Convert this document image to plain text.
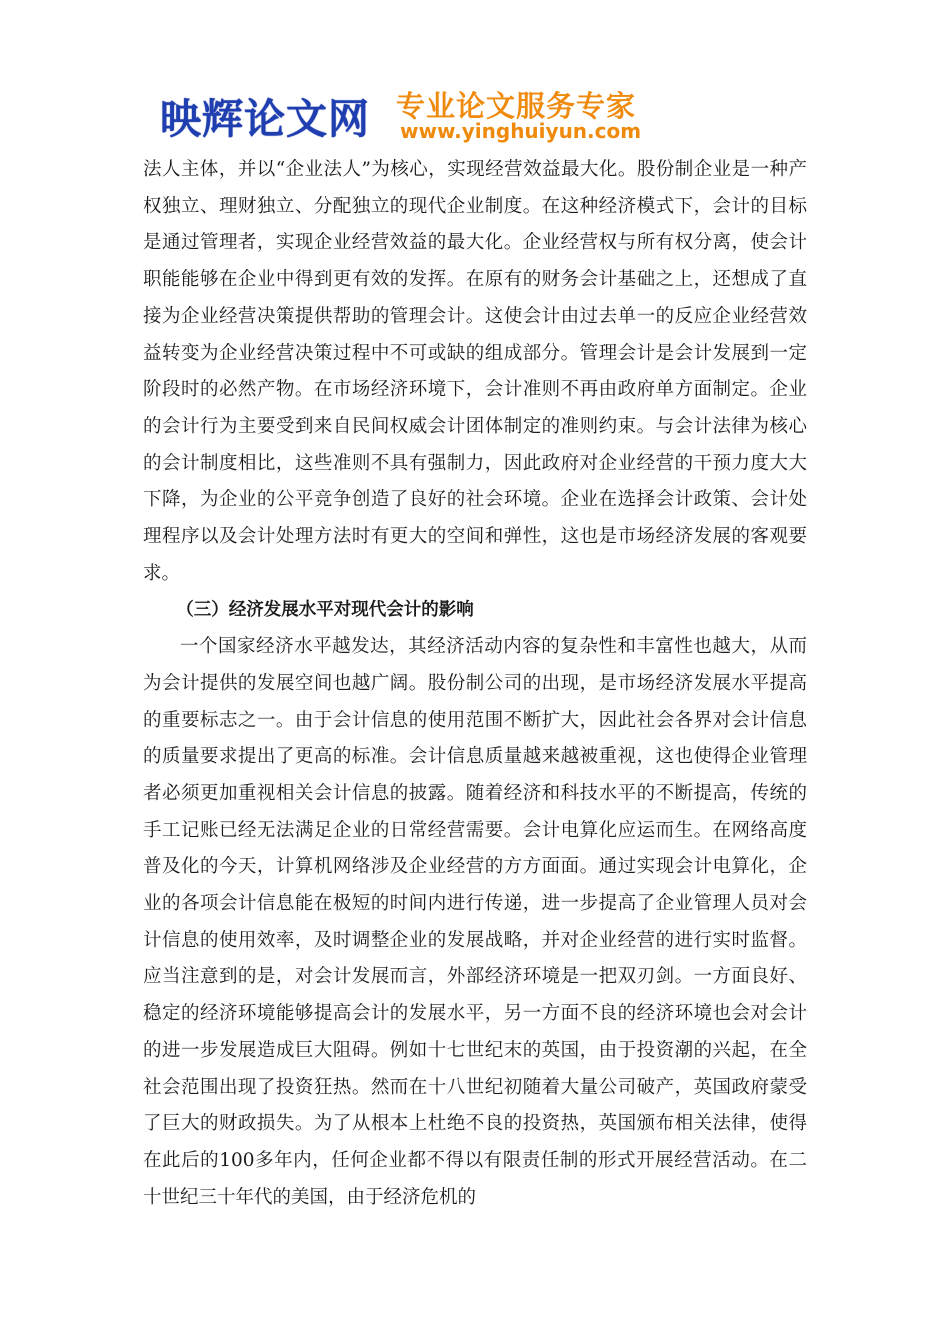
映辉论文网 专业论文服务专家
www.yinghuiyun.com

法人主体，并以“企业法人”为核心，实现经营效益最大化。股份制企业是一种产权独立、理财独立、分配独立的现代企业制度。在这种经济模式下，会计的目标是通过管理者，实现企业经营效益的最大化。企业经营权与所有权分离，使会计职能能够在企业中得到更有效的发挥。在原有的财务会计基础之上，还想成了直接为企业经营决策提供帮助的管理会计。这使会计由过去单一的反应企业经营效益转变为企业经营决策过程中不可或缺的组成部分。管理会计是会计发展到一定阶段时的必然产物。在市场经济环境下，会计准则不再由政府单方面制定。企业的会计行为主要受到来自民间权威会计团体制定的准则约束。与会计法律为核心的会计制度相比，这些准则不具有强制力，因此政府对企业经营的干预力度大大下降，为企业的公平竞争创造了良好的社会环境。企业在选择会计政策、会计处理程序以及会计处理方法时有更大的空间和弹性，这也是市场经济发展的客观要求。

（三）经济发展水平对现代会计的影响

一个国家经济水平越发达，其经济活动内容的复杂性和丰富性也越大，从而为会计提供的发展空间也越广阔。股份制公司的出现，是市场经济发展水平提高的重要标志之一。由于会计信息的使用范围不断扩大，因此社会各界对会计信息的质量要求提出了更高的标准。会计信息质量越来越被重视，这也使得企业管理者必须更加重视相关会计信息的披露。随着经济和科技水平的不断提高，传统的手工记账已经无法满足企业的日常经营需要。会计电算化应运而生。在网络高度普及化的今天，计算机网络涉及企业经营的方方面面。通过实现会计电算化，企业的各项会计信息能在极短的时间内进行传递，进一步提高了企业管理人员对会计信息的使用效率，及时调整企业的发展战略，并对企业经营的进行实时监督。应当注意到的是，对会计发展而言，外部经济环境是一把双刃剑。一方面良好、稳定的经济环境能够提高会计的发展水平，另一方面不良的经济环境也会对会计的进一步发展造成巨大阻碍。例如十七世纪末的英国，由于投资潮的兴起，在全社会范围出现了投资狂热。然而在十八世纪初随着大量公司破产，英国政府蒙受了巨大的财政损失。为了从根本上杜绝不良的投资热，英国颁布相关法律，使得在此后的100多年内，任何企业都不得以有限责任制的形式开展经营活动。在二十世纪三十年代的美国，由于经济危机的
